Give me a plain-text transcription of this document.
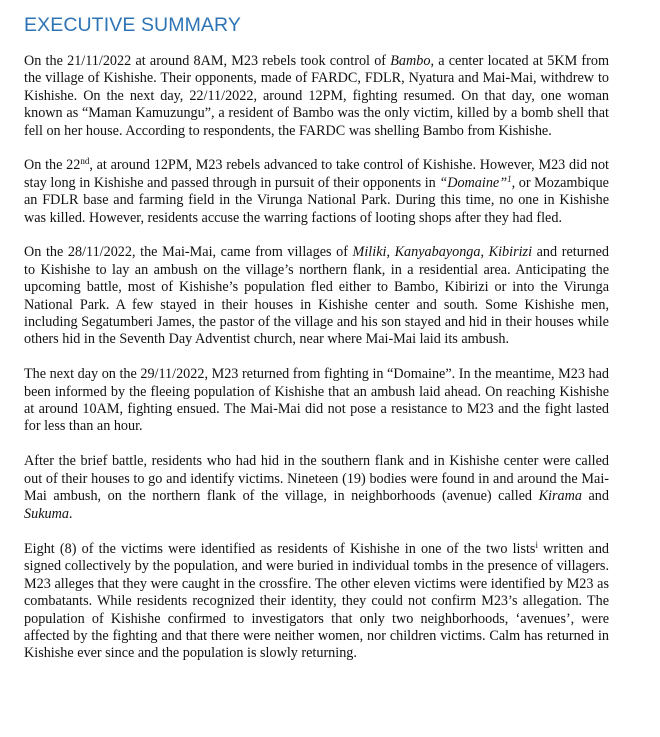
EXECUTIVE SUMMARY

On the 21/11/2022 at around 8AM, M23 rebels took control of Bambo, a center located at 5KM from the village of Kishishe. Their opponents, made of FARDC, FDLR, Nyatura and Mai-Mai, withdrew to Kishishe. On the next day, 22/11/2022, around 12PM, fighting resumed. On that day, one woman known as “Maman Kamuzungu”, a resident of Bambo was the only victim, killed by a bomb shell that fell on her house. According to respondents, the FARDC was shelling Bambo from Kishishe.

On the 22nd, at around 12PM, M23 rebels advanced to take control of Kishishe. However, M23 did not stay long in Kishishe and passed through in pursuit of their opponents in “Domaine”$^1$, or Mozambique an FDLR base and farming field in the Virunga National Park. During this time, no one in Kishishe was killed. However, residents accuse the warring factions of looting shops after they had fled.

On the 28/11/2022, the Mai-Mai, came from villages of Miliki, Kanyabayonga, Kibirizi and returned to Kishishe to lay an ambush on the village’s northern flank, in a residential area. Anticipating the upcoming battle, most of Kishishe’s population fled either to Bambo, Kibirizi or into the Virunga National Park. A few stayed in their houses in Kishishe center and south. Some Kishishe men, including Segatumberi James, the pastor of the village and his son stayed and hid in their houses while others hid in the Seventh Day Adventist church, near where Mai-Mai laid its ambush.

The next day on the 29/11/2022, M23 returned from fighting in “Domaine”. In the meantime, M23 had been informed by the fleeing population of Kishishe that an ambush laid ahead. On reaching Kishishe at around 10AM, fighting ensued. The Mai-Mai did not pose a resistance to M23 and the fight lasted for less than an hour.

After the brief battle, residents who had hid in the southern flank and in Kishishe center were called out of their houses to go and identify victims. Nineteen (19) bodies were found in and around the Mai-Mai ambush, on the northern flank of the village, in neighborhoods (avenue) called Kirama and Sukuma.

Eight (8) of the victims were identified as residents of Kishishe in one of the two lists$^i$ written and signed collectively by the population, and were buried in individual tombs in the presence of villagers. M23 alleges that they were caught in the crossfire. The other eleven victims were identified by M23 as combatants. While residents recognized their identity, they could not confirm M23’s allegation. The population of Kishishe confirmed to investigators that only two neighborhoods, ‘avenues’, were affected by the fighting and that there were neither women, nor children victims. Calm has returned in Kishishe ever since and the population is slowly returning.
